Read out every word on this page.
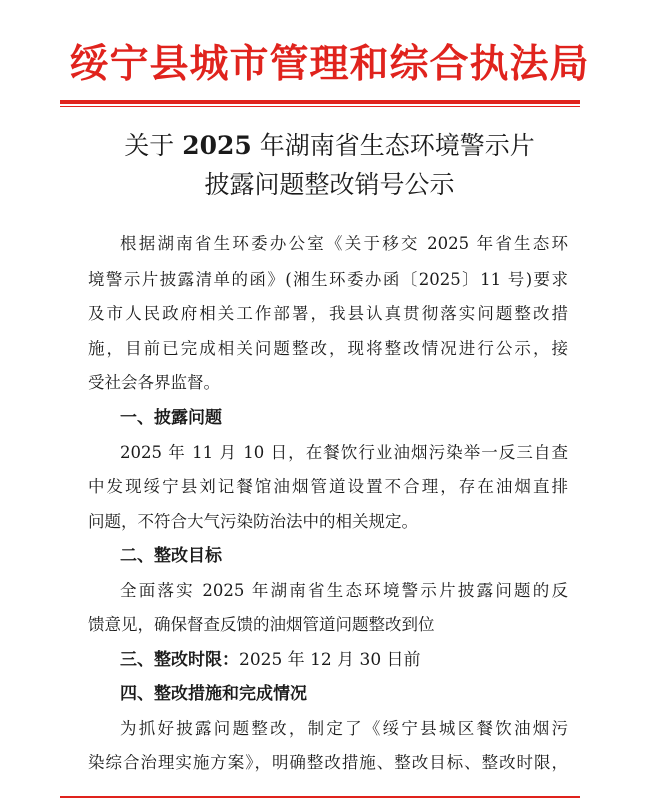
绥宁县城市管理和综合执法局
关于 2025 年湖南省生态环境警示片
披露问题整改销号公示
根据湖南省生环委办公室《关于移交 2025 年省生态环
境警示片披露清单的函》(湘生环委办函〔2025〕11 号)要求
及市人民政府相关工作部署，我县认真贯彻落实问题整改措
施，目前已完成相关问题整改，现将整改情况进行公示，接
受社会各界监督。
一、披露问题
2025 年 11 月 10 日，在餐饮行业油烟污染举一反三自查
中发现绥宁县刘记餐馆油烟管道设置不合理，存在油烟直排
问题，不符合大气污染防治法中的相关规定。
二、整改目标
全面落实 2025 年湖南省生态环境警示片披露问题的反
馈意见，确保督查反馈的油烟管道问题整改到位
三、整改时限：2025 年 12 月 30 日前
四、整改措施和完成情况
为抓好披露问题整改，制定了《绥宁县城区餐饮油烟污
染综合治理实施方案》，明确整改措施、整改目标、整改时限，
